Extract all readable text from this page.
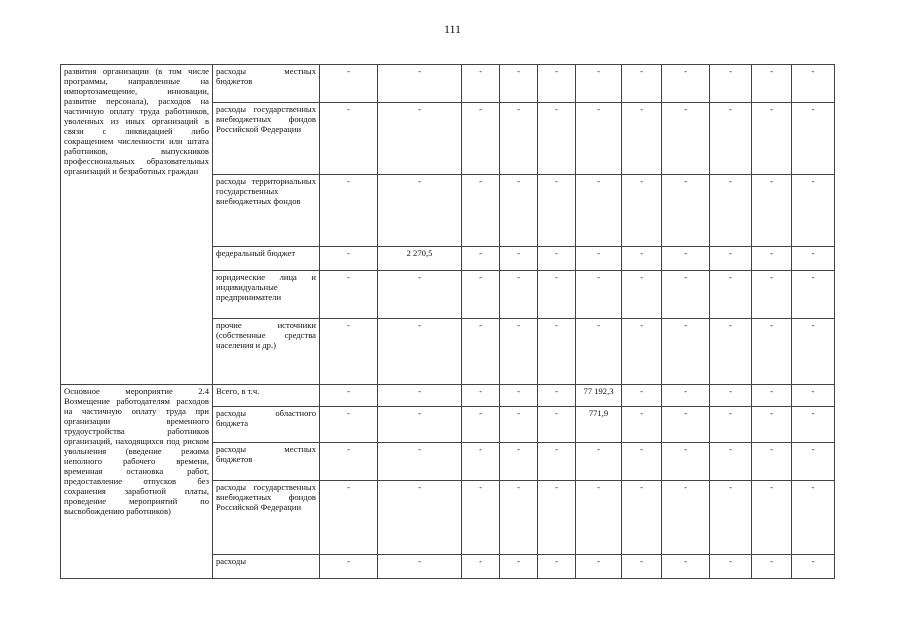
111
развития организации (в том числе программы, направленные на импортозамещение, инновации, развитие персонала), расходов на частичную оплату труда работников, уволенных из иных организаций в связи с ликвидацией либо сокращением численности или штата работников, выпускников профессиональных образовательных организаций и безработных граждан	расходы местных бюджетов	-	-	-	-	-	-	-	-	-	-	-
	расходы государственных внебюджетных фондов Российской Федерации	-	-	-	-	-	-	-	-	-	-	-
	расходы территориальных государственных внебюджетных фондов	-	-	-	-	-	-	-	-	-	-	-
	федеральный бюджет	-	2 270,5	-	-	-	-	-	-	-	-	-
	юридические лица и индивидуальные предприниматели	-	-	-	-	-	-	-	-	-	-	-
	прочие источники (собственные средства населения и др.)	-	-	-	-	-	-	-	-	-	-	-
Основное мероприятие 2.4 Возмещение работодателям расходов на частичную оплату труда при организации временного трудоустройства работников организаций, находящихся под риском увольнения (введение режима неполного рабочего времени, временная остановка работ, предоставление отпусков без сохранения заработной платы, проведение мероприятий по высвобождению работников)	Всего, в т.ч.	-	-	-	-	-	77 192,3	-	-	-	-	-
	расходы областного бюджета	-	-	-	-	-	771,9	-	-	-	-	-
	расходы местных бюджетов	-	-	-	-	-	-	-	-	-	-	-
	расходы государственных внебюджетных фондов Российской Федерации	-	-	-	-	-	-	-	-	-	-	-
	расходы	-	-	-	-	-	-	-	-	-	-	-
